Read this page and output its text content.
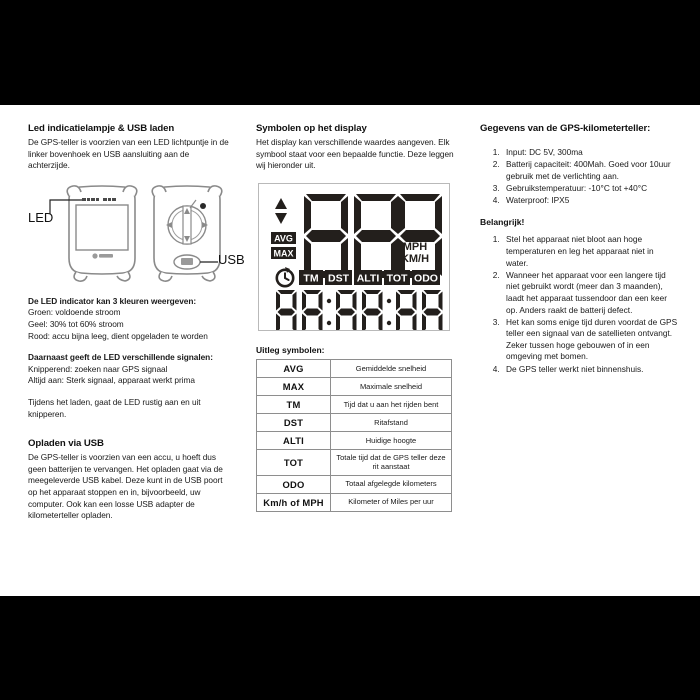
Led indicatielampje & USB laden

De GPS-teller is voorzien van een LED lichtpuntje in de linker bovenhoek en USB aansluiting aan de achterzijde.

LED
USB

De LED indicator kan 3 kleuren weergeven:

Groen: voldoende stroom

Geel: 30% tot 60% stroom

Rood: accu bijna leeg, dient opgeladen te worden

Daarnaast geeft de LED verschillende signalen:

Knipperend: zoeken naar GPS signaal

Altijd aan: Sterk signaal, apparaat werkt prima

Tijdens het laden, gaat de LED rustig aan en uit knipperen.

Opladen via USB

De GPS-teller is voorzien van een accu, u hoeft dus geen batterijen te vervangen. Het opladen gaat via de meegeleverde USB kabel. Deze kunt in de USB poort op het apparaat stoppen en in, bijvoorbeeld, uw computer. Ook kan een losse USB adapter de kilometerteller opladen.

Symbolen op het display

Het display kan verschillende waardes aangeven. Elk symbool staat voor een bepaalde functie. Deze leggen wij hieronder uit.

AVG
MAX
MPH
KM/H
TM DST ALTI TOT ODO
Uitleg symbolen:
AVG	Gemiddelde snelheid
MAX	Maximale snelheid
TM	Tijd dat u aan het rijden bent
DST	Ritafstand
ALTI	Huidige hoogte
TOT	Totale tijd dat de GPS teller deze rit aanstaat
ODO	Totaal afgelegde kilometers
Km/h of MPH	Kilometer of Miles per uur
Gegevens van de GPS-kilometerteller:
1. Input: DC 5V, 300ma
2. Batterij capaciteit: 400Mah. Goed voor 10uur gebruik met de verlichting aan.
3. Gebruikstemperatuur: -10°C tot +40°C
4. Waterproof: IPX5
Belangrijk!
1. Stel het apparaat niet bloot aan hoge temperaturen en leg het apparaat niet in water.
2. Wanneer het apparaat voor een langere tijd niet gebruikt wordt (meer dan 3 maanden), laadt het apparaat tussendoor dan een keer op. Anders raakt de batterij defect.
3. Het kan soms enige tijd duren voordat de GPS teller een signaal van de satellieten ontvangt. Zeker tussen hoge gebouwen of in een omgeving met bomen.
4. De GPS teller werkt niet binnenshuis.
